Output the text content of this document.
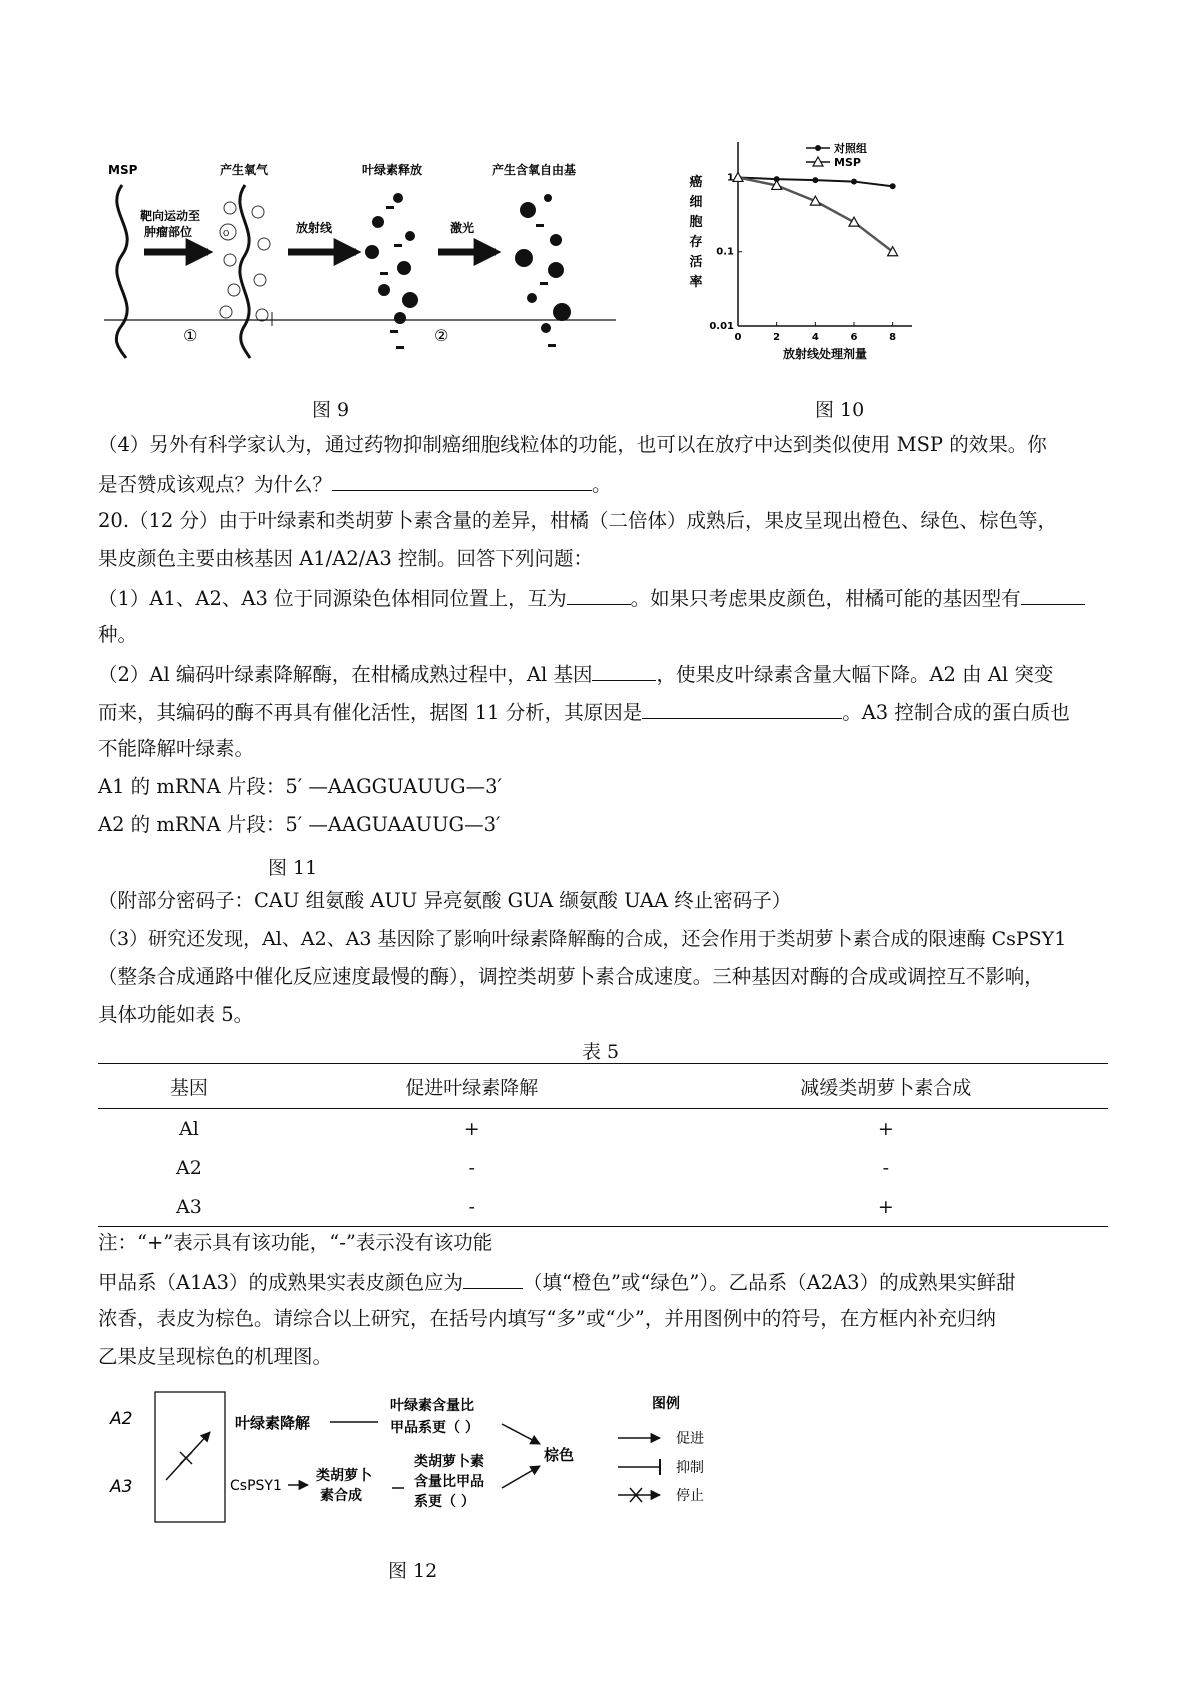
MSP
靶向运动至
肿瘤部位
产生氧气
O	放射线
叶绿素释放
激光
产生含氧自由基
①	②
图 9
0	2	4	6	8
0.01
0.1
1
癌
细
胞
存
活
率
放射线处理剂量
对照组
MSP
图 10
（4）另外有科学家认为，通过药物抑制癌细胞线粒体的功能，也可以在放疗中达到类似使用 MSP 的效果。你
是否赞成该观点？为什么？	。
20.（12 分）由于叶绿素和类胡萝卜素含量的差异，柑橘（二倍体）成熟后，果皮呈现出橙色、绿色、棕色等，
果皮颜色主要由核基因 A1/A2/A3 控制。回答下列问题：
（1）A1、A2、A3 位于同源染色体相同位置上，互为	。如果只考虑果皮颜色，柑橘可能的基因型有
种。
（2）Al 编码叶绿素降解酶，在柑橘成熟过程中，Al 基因	，使果皮叶绿素含量大幅下降。A2 由 Al 突变
而来，其编码的酶不再具有催化活性，据图 11 分析，其原因是	。A3 控制合成的蛋白质也
不能降解叶绿素。
A1 的 mRNA 片段：5′ —AAGGUAUUG—3′
A2 的 mRNA 片段：5′ —AAGUAAUUG—3′
图 11
（附部分密码子：CAU 组氨酸 AUU 异亮氨酸 GUA 缬氨酸 UAA 终止密码子）
（3）研究还发现，Al、A2、A3 基因除了影响叶绿素降解酶的合成，还会作用于类胡萝卜素合成的限速酶 CsPSY1
（整条合成通路中催化反应速度最慢的酶），调控类胡萝卜素合成速度。三种基因对酶的合成或调控互不影响，
具体功能如表 5。
表 5
基因	促进叶绿素降解	减缓类胡萝卜素合成
Al	+	+
A2	-	-
A3	-	+
注：“+”表示具有该功能，“-”表示没有该功能
甲品系（A1A3）的成熟果实表皮颜色应为	（填“橙色”或“绿色”）。乙品系（A2A3）的成熟果实鲜甜
浓香，表皮为棕色。请综合以上研究，在括号内填写“多”或“少”，并用图例中的符号，在方框内补充归纳
乙果皮呈现棕色的机理图。
A2
A3
叶绿素降解
叶绿素含量比
甲品系更（ ）
CsPSY1
类胡萝卜
素合成
类胡萝卜素
含量比甲品
系更（ ）
棕色
图例
促进
抑制
停止
图 12
